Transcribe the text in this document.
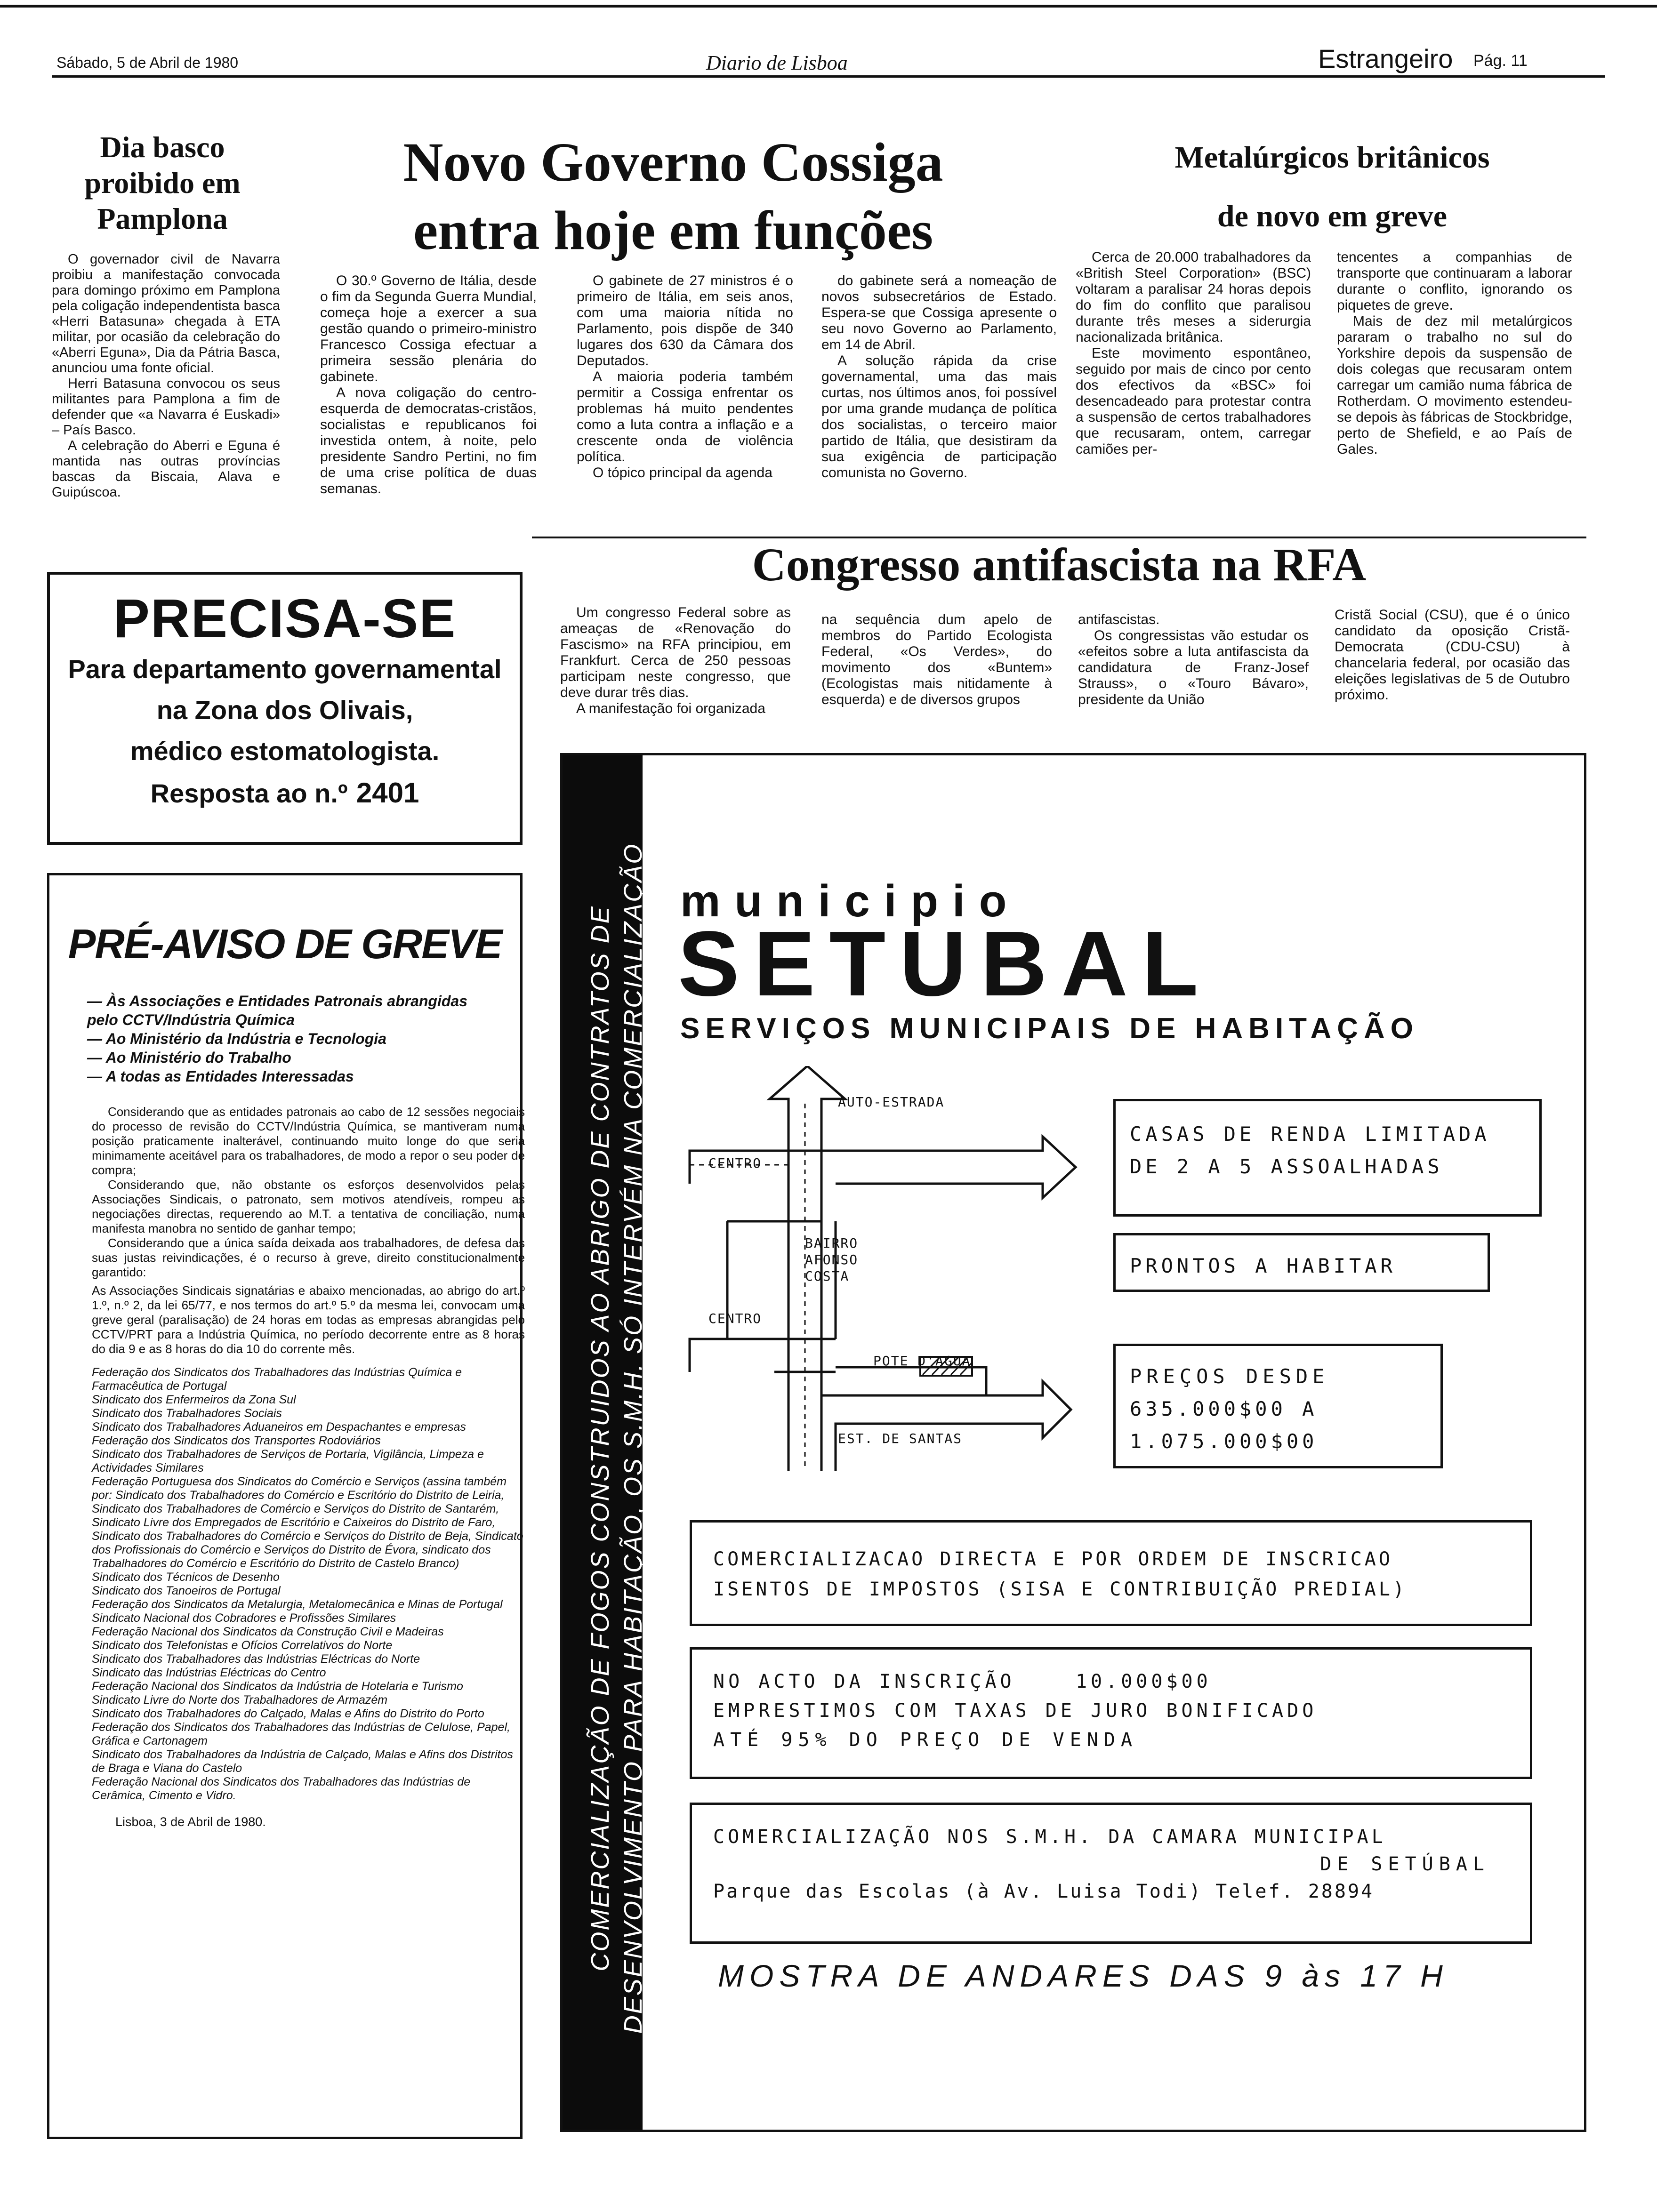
Sábado, 5 de Abril de 1980	Diario de Lisboa	Estrangeiro Pág. 11
Dia basco proibido em Pamplona

O governador civil de Navarra proibiu a manifestação convocada para domingo próximo em Pamplona pela coligação independentista basca «Herri Batasuna» chegada à ETA militar, por ocasião da celebração do «Aberri Eguna», Dia da Pátria Basca, anunciou uma fonte oficial.

Herri Batasuna convocou os seus militantes para Pamplona a fim de defender que «a Navarra é Euskadi» – País Basco.

A celebração do Aberri e Eguna é mantida nas outras províncias bascas da Biscaia, Alava e Guipúscoa.

Novo Governo Cossiga
entra hoje em funções

O 30.º Governo de Itália, desde o fim da Segunda Guerra Mundial, começa hoje a exercer a sua gestão quando o primeiro-ministro Francesco Cossiga efectuar a primeira sessão plenária do gabinete.

A nova coligação do centro-esquerda de democratas-cristãos, socialistas e republicanos foi investida ontem, à noite, pelo presidente Sandro Pertini, no fim de uma crise política de duas semanas.

O gabinete de 27 ministros é o primeiro de Itália, em seis anos, com uma maioria nítida no Parlamento, pois dispõe de 340 lugares dos 630 da Câmara dos Deputados.

A maioria poderia também permitir a Cossiga enfrentar os problemas há muito pendentes como a luta contra a inflação e a crescente onda de violência política.

O tópico principal da agenda

do gabinete será a nomeação de novos subsecretários de Estado. Espera-se que Cossiga apresente o seu novo Governo ao Parlamento, em 14 de Abril.

A solução rápida da crise governamental, uma das mais curtas, nos últimos anos, foi possível por uma grande mudança de política dos socialistas, o terceiro maior partido de Itália, que desistiram da sua exigência de participação comunista no Governo.

Metalúrgicos britânicos
de novo em greve

Cerca de 20.000 trabalhadores da «British Steel Corporation» (BSC) voltaram a paralisar 24 horas depois do fim do conflito que paralisou durante três meses a siderurgia nacionalizada britânica.

Este movimento espontâneo, seguido por mais de cinco por cento dos efectivos da «BSC» foi desencadeado para protestar contra a suspensão de certos trabalhadores que recusaram, ontem, carregar camiões per-

tencentes a companhias de transporte que continuaram a laborar durante o conflito, ignorando os piquetes de greve.

Mais de dez mil metalúrgicos pararam o trabalho no sul do Yorkshire depois da suspensão de dois colegas que recusaram ontem carregar um camião numa fábrica de Rotherdam. O movimento estendeu-se depois às fábricas de Stockbridge, perto de Shefield, e ao País de Gales.

Congresso antifascista na RFA

Um congresso Federal sobre as ameaças de «Renovação do Fascismo» na RFA principiou, em Frankfurt. Cerca de 250 pessoas participam neste congresso, que deve durar três dias.

A manifestação foi organizada

na sequência dum apelo de membros do Partido Ecologista Federal, «Os Verdes», do movimento dos «Buntem» (Ecologistas mais nitidamente à esquerda) e de diversos grupos

antifascistas.

Os congressistas vão estudar os «efeitos sobre a luta antifascista da candidatura de Franz-Josef Strauss», o «Touro Bávaro», presidente da União

Cristã Social (CSU), que é o único candidato da oposição Cristã-Democrata (CDU-CSU) à chancelaria federal, por ocasião das eleições legislativas de 5 de Outubro próximo.

PRECISA-SE
Para departamento governamental
na Zona dos Olivais,
médico estomatologista.
Resposta ao n.º 2401
PRÉ-AVISO DE GREVE
— Às Associações e Entidades Patronais abrangidas pelo CCTV/Indústria Química
— Ao Ministério da Indústria e Tecnologia
— Ao Ministério do Trabalho
— A todas as Entidades Interessadas

Considerando que as entidades patronais ao cabo de 12 sessões negociais do processo de revisão do CCTV/Indústria Química, se mantiveram numa posição praticamente inalterável, continuando muito longe do que seria minimamente aceitável para os trabalhadores, de modo a repor o seu poder de compra;

Considerando que, não obstante os esforços desenvolvidos pelas Associações Sindicais, o patronato, sem motivos atendíveis, rompeu as negociações directas, requerendo ao M.T. a tentativa de conciliação, numa manifesta manobra no sentido de ganhar tempo;

Considerando que a única saída deixada aos trabalhadores, de defesa das suas justas reivindicações, é o recurso à greve, direito constitucionalmente garantido:

As Associações Sindicais signatárias e abaixo mencionadas, ao abrigo do art.º 1.º, n.º 2, da lei 65/77, e nos termos do art.º 5.º da mesma lei, convocam uma greve geral (paralisação) de 24 horas em todas as empresas abrangidas pelo CCTV/PRT para a Indústria Química, no período decorrente entre as 8 horas do dia 9 e as 8 horas do dia 10 do corrente mês.

Federação dos Sindicatos dos Trabalhadores das Indústrias Química e Farmacêutica de Portugal
Sindicato dos Enfermeiros da Zona Sul
Sindicato dos Trabalhadores Sociais
Sindicato dos Trabalhadores Aduaneiros em Despachantes e empresas
Federação dos Sindicatos dos Transportes Rodoviários
Sindicato dos Trabalhadores de Serviços de Portaria, Vigilância, Limpeza e Actividades Similares
Federação Portuguesa dos Sindicatos do Comércio e Serviços (assina também por: Sindicato dos Trabalhadores do Comércio e Escritório do Distrito de Leiria, Sindicato dos Trabalhadores de Comércio e Serviços do Distrito de Santarém, Sindicato Livre dos Empregados de Escritório e Caixeiros do Distrito de Faro, Sindicato dos Trabalhadores do Comércio e Serviços do Distrito de Beja, Sindicato dos Profissionais do Comércio e Serviços do Distrito de Évora, sindicato dos Trabalhadores do Comércio e Escritório do Distrito de Castelo Branco)
Sindicato dos Técnicos de Desenho
Sindicato dos Tanoeiros de Portugal
Federação dos Sindicatos da Metalurgia, Metalomecânica e Minas de Portugal
Sindicato Nacional dos Cobradores e Profissões Similares
Federação Nacional dos Sindicatos da Construção Civil e Madeiras
Sindicato dos Telefonistas e Ofícios Correlativos do Norte
Sindicato dos Trabalhadores das Indústrias Eléctricas do Norte
Sindicato das Indústrias Eléctricas do Centro
Federação Nacional dos Sindicatos da Indústria de Hotelaria e Turismo
Sindicato Livre do Norte dos Trabalhadores de Armazém
Sindicato dos Trabalhadores do Calçado, Malas e Afins do Distrito do Porto
Federação dos Sindicatos dos Trabalhadores das Indústrias de Celulose, Papel, Gráfica e Cartonagem
Sindicato dos Trabalhadores da Indústria de Calçado, Malas e Afins dos Distritos de Braga e Viana do Castelo
Federação Nacional dos Sindicatos dos Trabalhadores das Indústrias de Cerâmica, Cimento e Vidro.
Lisboa, 3 de Abril de 1980.	COMERCIALIZAÇÃO DE FOGOS CONSTRUIDOS AO ABRIGO DE CONTRATOS DE DESENVOLVIMENTO PARA HABITAÇÃO, OS S.M.H. SÓ INTERVÉM NA COMERCIALIZAÇÃO municipio
SETUBAL
SERVIÇOS MUNICIPAIS DE HABITAÇÃO
AUTO-ESTRADA
CENTRO
CENTRO
BAIRRO
AFONSO
COSTA
POTE D'AGUA
EST. DE SANTAS
CASAS DE RENDA LIMITADA
DE 2 A 5 ASSOALHADAS
PRONTOS A HABITAR
PREÇOS DESDE
635.000$00 A
1.075.000$00
COMERCIALIZACAO DIRECTA E POR ORDEM DE INSCRICAO
ISENTOS DE IMPOSTOS (SISA E CONTRIBUIÇÃO PREDIAL)
NO ACTO DA INSCRIÇÃO    10.000$00
EMPRESTIMOS COM TAXAS DE JURO BONIFICADO
ATÉ 95% DO PREÇO DE VENDA
COMERCIALIZAÇÃO NOS S.M.H. DA CAMARA MUNICIPAL
DE SETÚBAL
Parque das Escolas (à Av. Luisa Todi) Telef. 28894
MOSTRA DE ANDARES DAS 9 às 17 H
